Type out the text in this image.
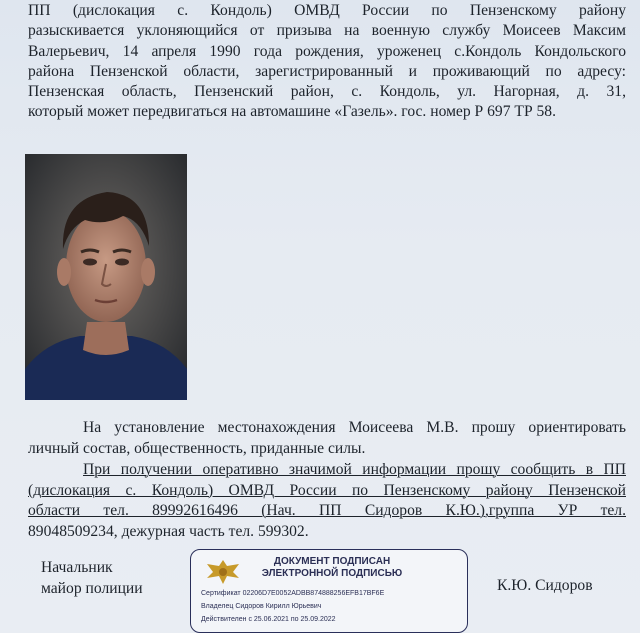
ПП (дислокация с. Кондоль) ОМВД России по Пензенскому району
разыскивается уклоняющийся от призыва на военную службу Моисеев Максим
Валерьевич, 14 апреля 1990 года рождения, уроженец с.Кондоль Кондольского
района Пензенской области, зарегистрированный и проживающий по адресу:
Пензенская область, Пензенский район, с. Кондоль, ул. Нагорная, д. 31,
который может передвигаться на автомашине «Газель». гос. номер Р 697 ТР 58.
На установление местонахождения Моисеева М.В. прошу ориентировать
личный состав, общественность, приданные силы.
При получении оперативно значимой информации прошу сообщить в ПП
(дислокация с. Кондоль) ОМВД России по Пензенскому району Пензенской
области тел. 89992616496 (Нач. ПП Сидоров К.Ю.),группа УР тел.
89048509234, дежурная часть тел. 599302.
Начальник
майор полиции
ДОКУМЕНТ ПОДПИСАН
ЭЛЕКТРОННОЙ ПОДПИСЬЮ
Сертификат 02206D7E0052ADBB874888256EFB17BF6E
Владелец Сидоров Кирилл Юрьевич
Действителен с 25.06.2021 по 25.09.2022
К.Ю. Сидоров
